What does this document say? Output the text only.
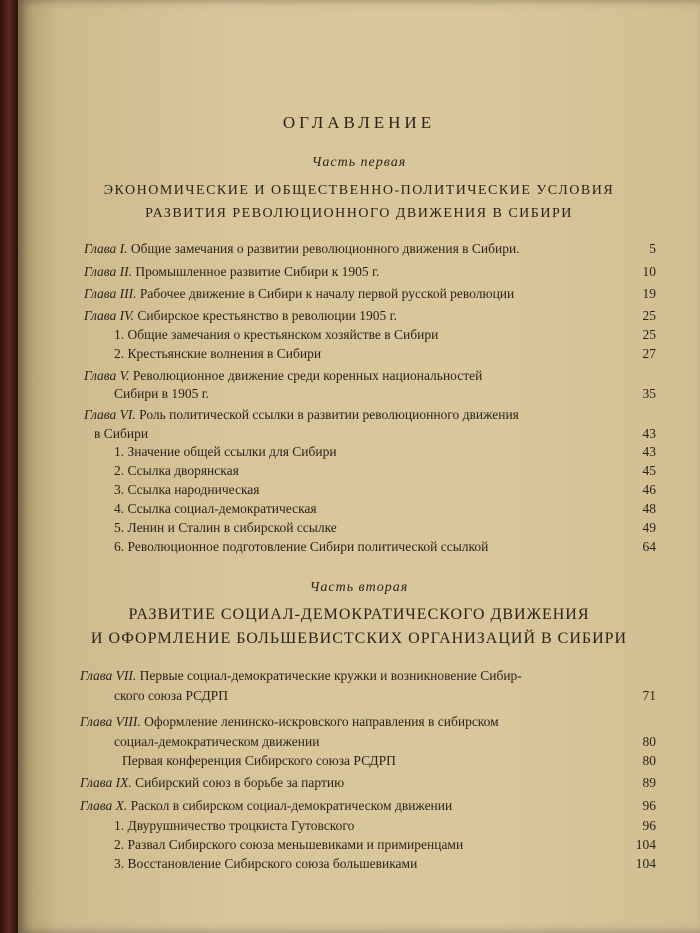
ОГЛАВЛЕНИЕ
Часть первая
ЭКОНОМИЧЕСКИЕ И ОБЩЕСТВЕННО-ПОЛИТИЧЕСКИЕ УСЛОВИЯ
РАЗВИТИЯ РЕВОЛЮЦИОННОГО ДВИЖЕНИЯ В СИБИРИ
Глава I. Общие замечания о развитии революционного движения в Сибири.	5
Глава II. Промышленное развитие Сибири к 1905 г.	10
Глава III. Рабочее движение в Сибири к началу первой русской революции	19
Глава IV. Сибирское крестьянство в революции 1905 г.	25
1. Общие замечания о крестьянском хозяйстве в Сибири	25
2. Крестьянские волнения в Сибири	27
Глава V. Революционное движение среди коренных национальностей
Сибири в 1905 г.	35
Глава VI. Роль политической ссылки в развитии революционного движения
в Сибири	43
1. Значение общей ссылки для Сибири	43
2. Ссылка дворянская	45
3. Ссылка народническая	46
4. Ссылка социал-демократическая	48
5. Ленин и Сталин в сибирской ссылке	49
6. Революционное подготовление Сибири политической ссылкой	64
Часть вторая
РАЗВИТИЕ СОЦИАЛ-ДЕМОКРАТИЧЕСКОГО ДВИЖЕНИЯ
И ОФОРМЛЕНИЕ БОЛЬШЕВИСТСКИХ ОРГАНИЗАЦИЙ В СИБИРИ
Глава VII. Первые социал-демократические кружки и возникновение Сибир-
ского союза РСДРП	71
Глава VIII. Оформление ленинско-искровского направления в сибирском
социал-демократическом движении	80
Первая конференция Сибирского союза РСДРП	80
Глава IX. Сибирский союз в борьбе за партию	89
Глава X. Раскол в сибирском социал-демократическом движении	96
1. Двурушничество троцкиста Гутовского	96
2. Развал Сибирского союза меньшевиками и примиренцами	104
3. Восстановление Сибирского союза большевиками	104
